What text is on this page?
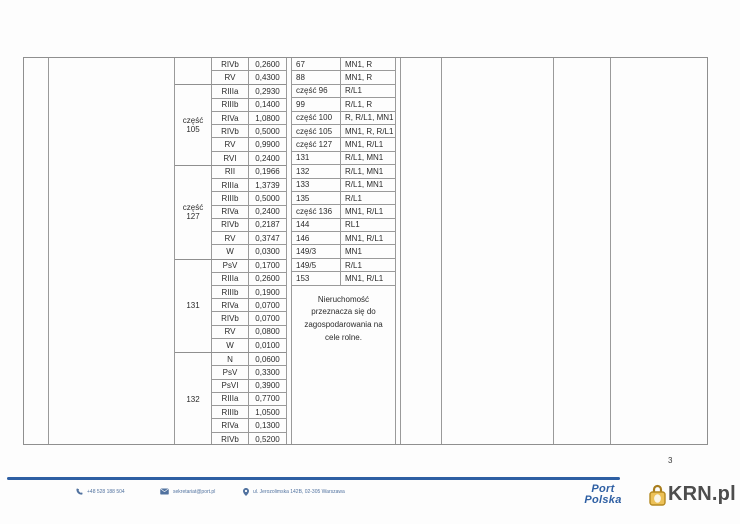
RIVb	0,2600
RV	0,4300
część 105
RIIIa	0,2930
RIIIb	0,1400
RIVa	1,0800
RIVb	0,5000
RV	0,9900
RVI	0,2400
część 127
RII	0,1966
RIIIa	1,3739
RIIIb	0,5000
RIVa	0,2400
RIVb	0,2187
RV	0,3747
W	0,0300
131
PsV	0,1700
RIIIa	0,2600
RIIIb	0,1900
RIVa	0,0700
RIVb	0,0700
RV	0,0800
W	0,0100
132
N	0,0600
PsV	0,3300
PsVI	0,3900
RIIIa	0,7700
RIIIb	1,0500
RIVa	0,1300
RIVb	0,5200
67	MN1, R
88	MN1, R
część 96	R/L1
99	R/L1, R
część 100	R, R/L1, MN1
część 105	MN1, R, R/L1
część 127	MN1, R/L1
131	R/L1, MN1
132	R/L1, MN1
133	R/L1, MN1
135	R/L1
część 136	MN1, R/L1
144	RL1
146	MN1, R/L1
149/3	MN1
149/5	R/L1
153	MN1, R/L1
Nieruchomość przeznacza się do zagospodarowania na cele rolne.
3
+48 528 188 504	sekretariat@port.pl	ul. Jerozolimska 142B, 02-305 Warszawa	Port
Polska	KRN.pl
